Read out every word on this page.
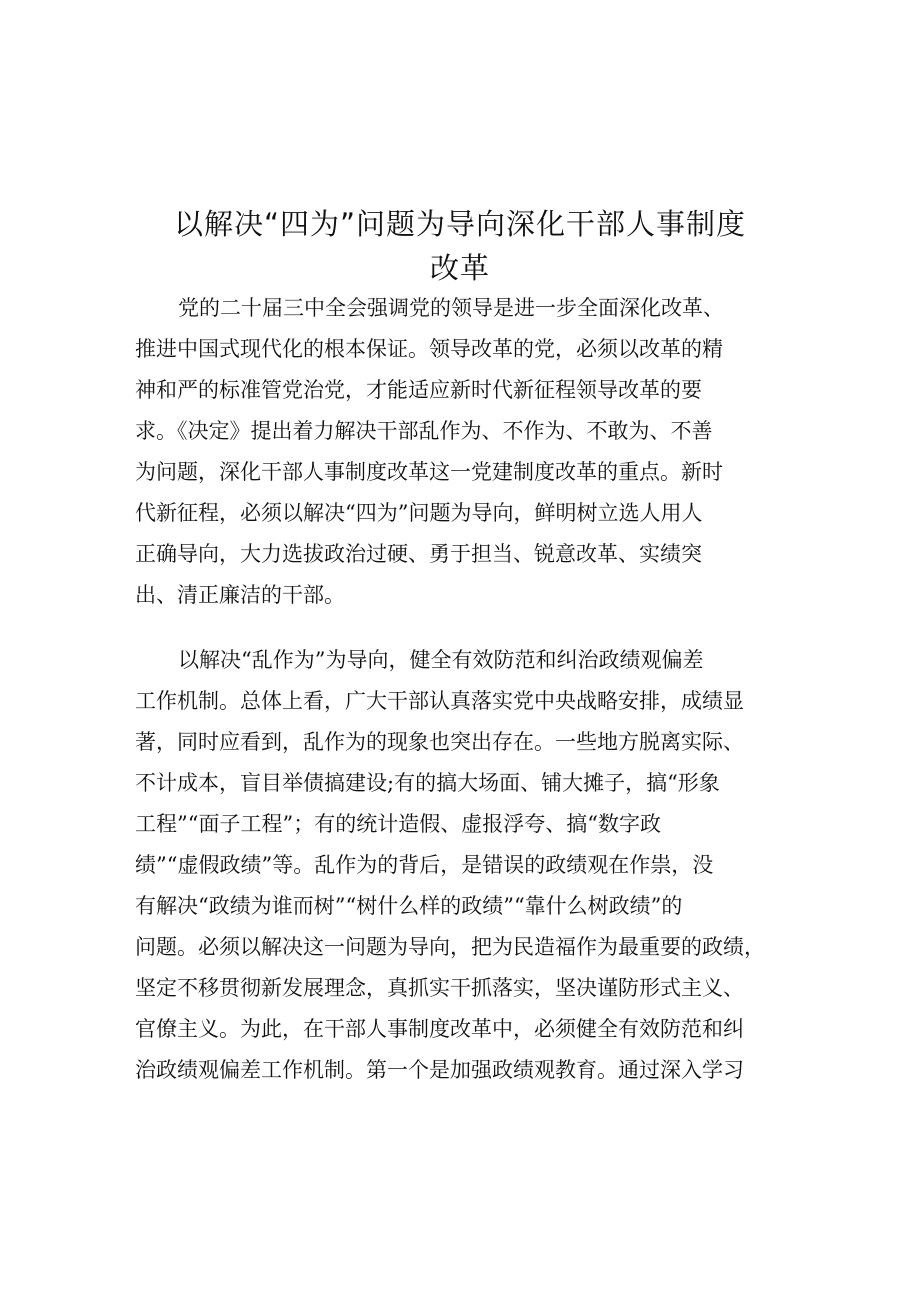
以解决“四为”问题为导向深化干部人事制度
改革
党的二十届三中全会强调党的领导是进一步全面深化改革、
推进中国式现代化的根本保证。领导改革的党，必须以改革的精
神和严的标准管党治党，才能适应新时代新征程领导改革的要
求。《决定》提出着力解决干部乱作为、不作为、不敢为、不善
为问题，深化干部人事制度改革这一党建制度改革的重点。新时
代新征程，必须以解决“四为”问题为导向，鲜明树立选人用人
正确导向，大力选拔政治过硬、勇于担当、锐意改革、实绩突
出、清正廉洁的干部。
以解决“乱作为”为导向，健全有效防范和纠治政绩观偏差
工作机制。总体上看，广大干部认真落实党中央战略安排，成绩显
著，同时应看到，乱作为的现象也突出存在。一些地方脱离实际、
不计成本，盲目举债搞建设;有的搞大场面、铺大摊子，搞“形象
工程”“面子工程”；有的统计造假、虚报浮夸、搞“数字政
绩”“虚假政绩”等。乱作为的背后，是错误的政绩观在作祟，没
有解决“政绩为谁而树”“树什么样的政绩”“靠什么树政绩”的
问题。必须以解决这一问题为导向，把为民造福作为最重要的政绩，
坚定不移贯彻新发展理念，真抓实干抓落实，坚决谨防形式主义、
官僚主义。为此，在干部人事制度改革中，必须健全有效防范和纠
治政绩观偏差工作机制。第一个是加强政绩观教育。通过深入学习
